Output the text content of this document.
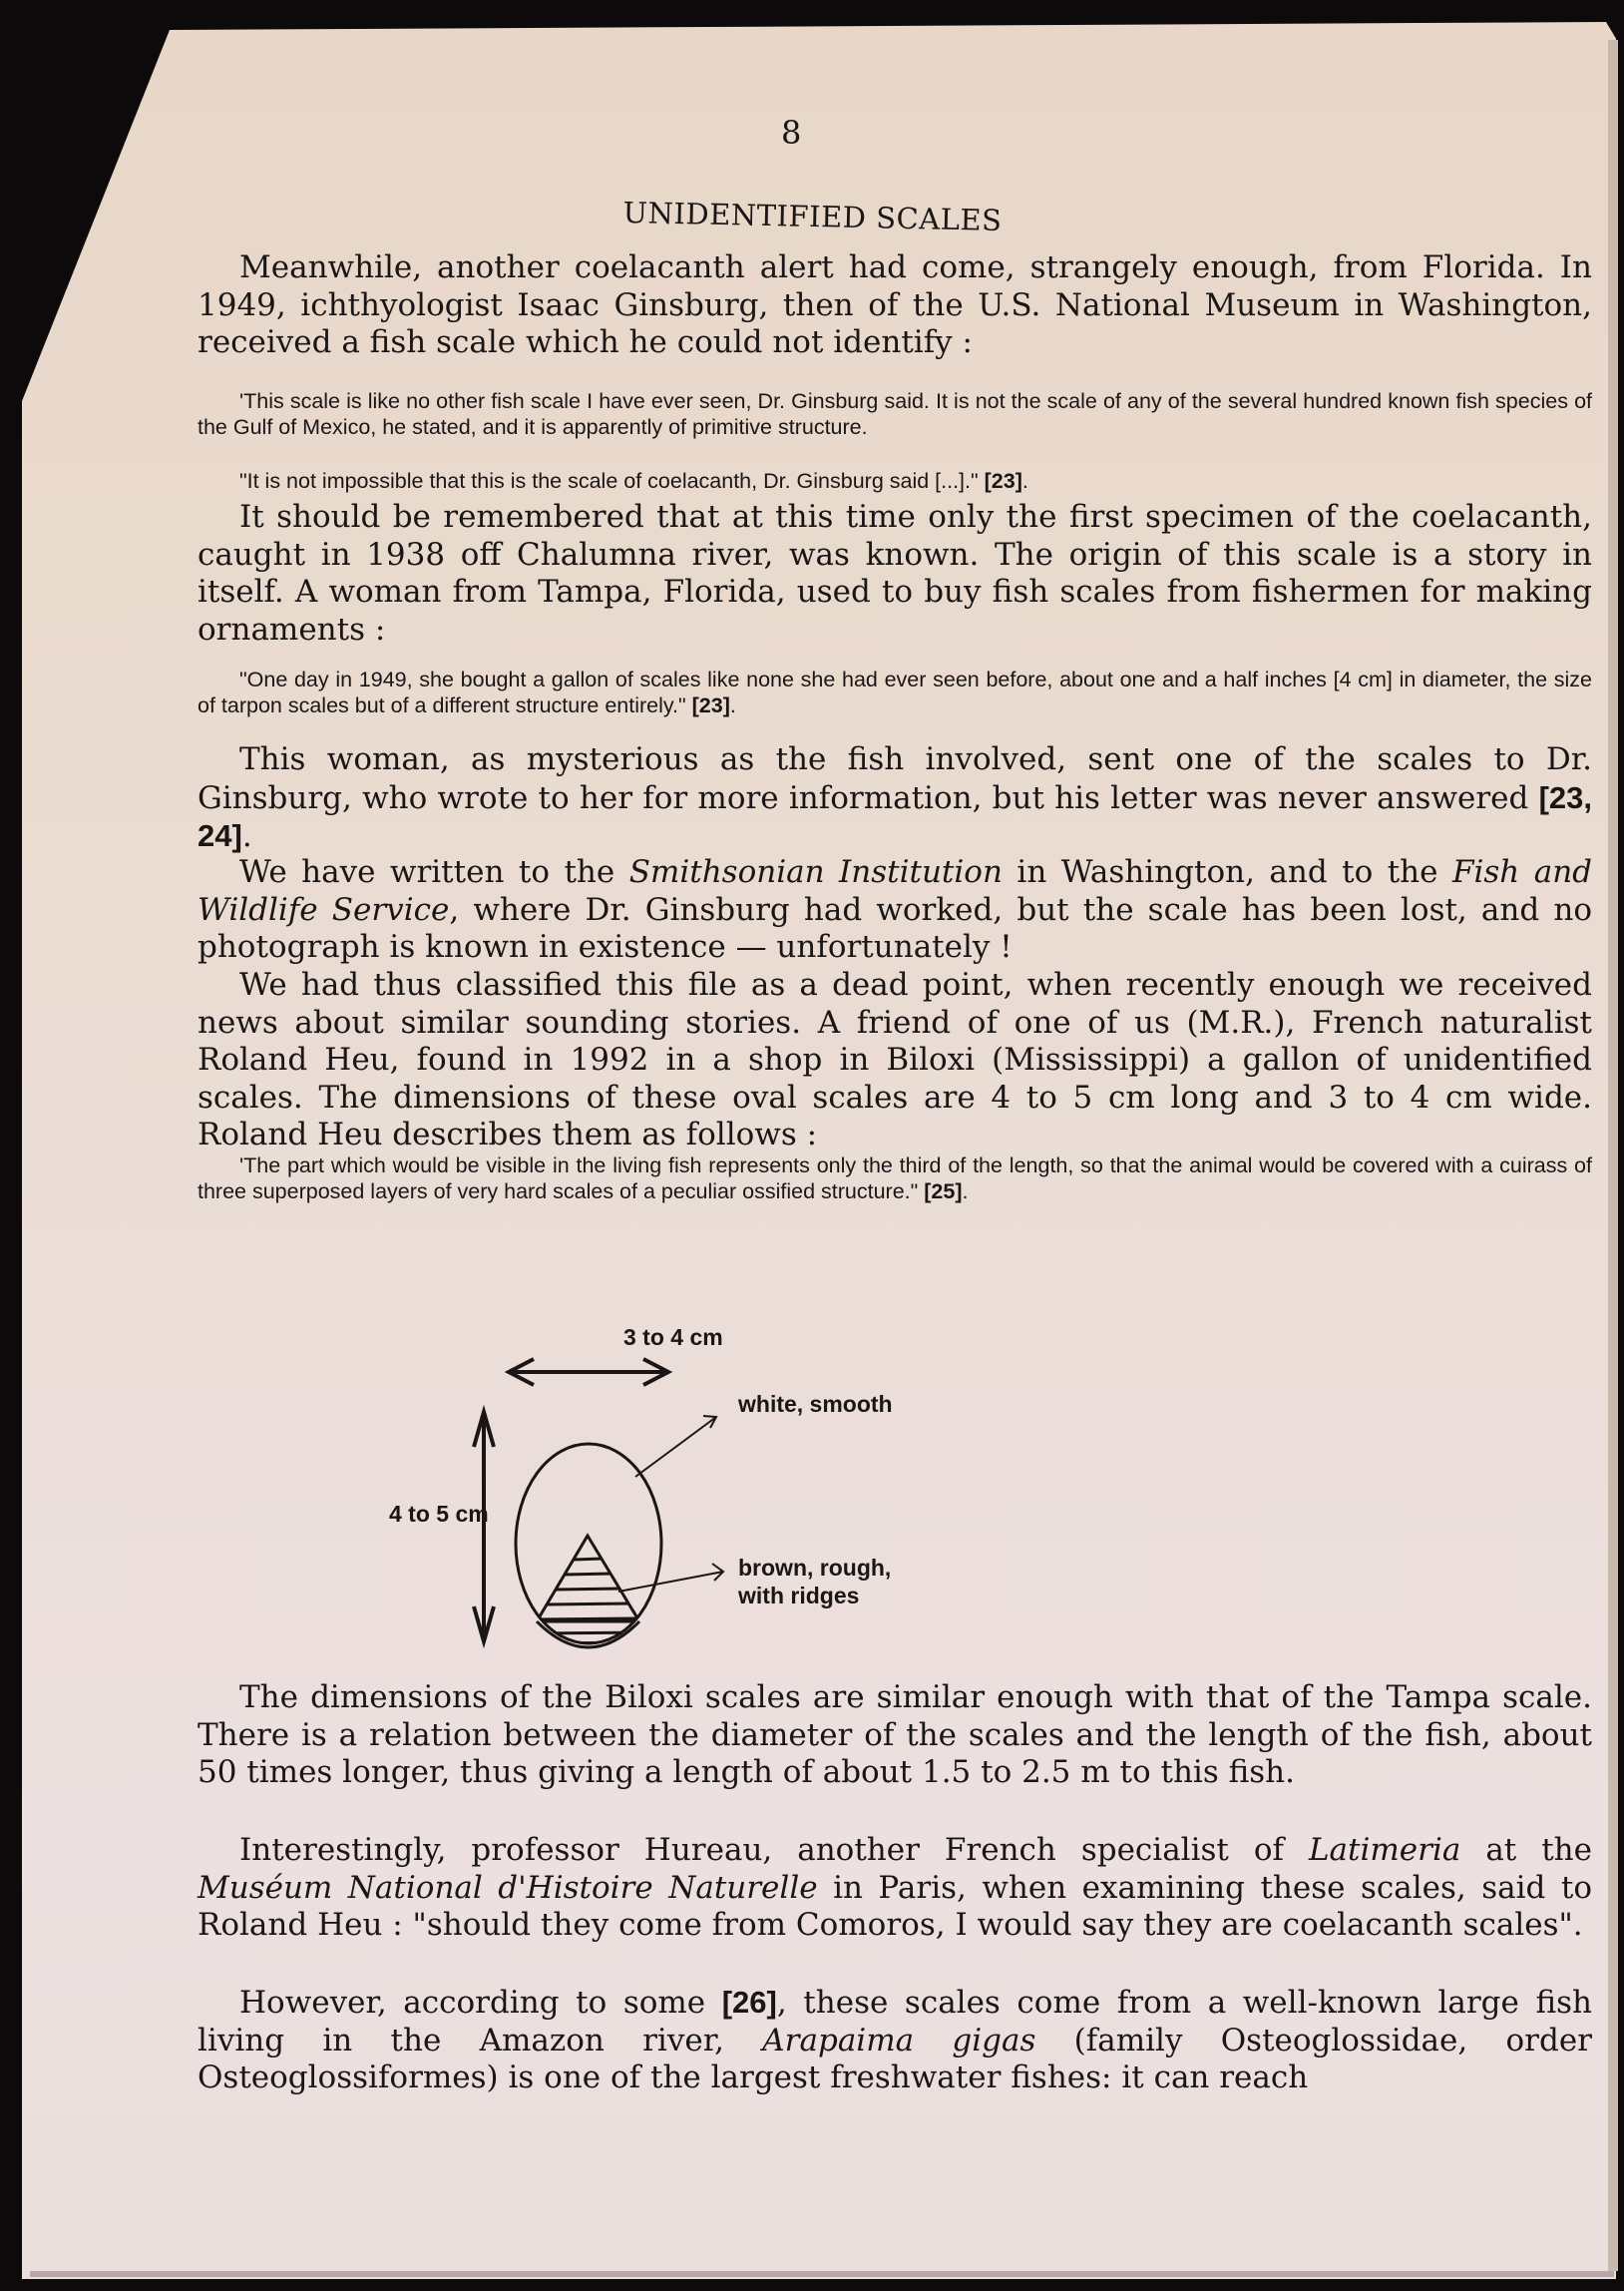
8
UNIDENTIFIED SCALES
Meanwhile, another coelacanth alert had come, strangely enough, from Florida. In 1949, ichthyologist Isaac Ginsburg, then of the U.S. National Museum in Washington, received a fish scale which he could not identify :
'This scale is like no other fish scale I have ever seen, Dr. Ginsburg said. It is not the scale of any of the several hundred known fish species of the Gulf of Mexico, he stated, and it is apparently of primitive structure.
"It is not impossible that this is the scale of coelacanth, Dr. Ginsburg said [...]." [23].
It should be remembered that at this time only the first specimen of the coelacanth, caught in 1938 off Chalumna river, was known. The origin of this scale is a story in itself. A woman from Tampa, Florida, used to buy fish scales from fishermen for making ornaments :
"One day in 1949, she bought a gallon of scales like none she had ever seen before, about one and a half inches [4 cm] in diameter, the size of tarpon scales but of a different structure entirely." [23].
This woman, as mysterious as the fish involved, sent one of the scales to Dr. Ginsburg, who wrote to her for more information, but his letter was never answered [23, 24].
We have written to the Smithsonian Institution in Washington, and to the Fish and Wildlife Service, where Dr. Ginsburg had worked, but the scale has been lost, and no photograph is known in existence — unfortunately !
We had thus classified this file as a dead point, when recently enough we received news about similar sounding stories. A friend of one of us (M.R.), French naturalist Roland Heu, found in 1992 in a shop in Biloxi (Mississippi) a gallon of unidentified scales. The dimensions of these oval scales are 4 to 5 cm long and 3 to 4 cm wide. Roland Heu describes them as follows :
'The part which would be visible in the living fish represents only the third of the length, so that the animal would be covered with a cuirass of three superposed layers of very hard scales of a peculiar ossified structure." [25].
3 to 4 cm
4 to 5 cm
white, smooth
brown, rough,
with ridges
The dimensions of the Biloxi scales are similar enough with that of the Tampa scale. There is a relation between the diameter of the scales and the length of the fish, about 50 times longer, thus giving a length of about 1.5 to 2.5 m to this fish.
Interestingly, professor Hureau, another French specialist of Latimeria at the Muséum National d'Histoire Naturelle in Paris, when examining these scales, said to Roland Heu : "should they come from Comoros, I would say they are coelacanth scales".
However, according to some [26], these scales come from a well-known large fish living in the Amazon river, Arapaima gigas (family Osteoglossidae, order Osteoglossiformes) is one of the largest freshwater fishes: it can reach
